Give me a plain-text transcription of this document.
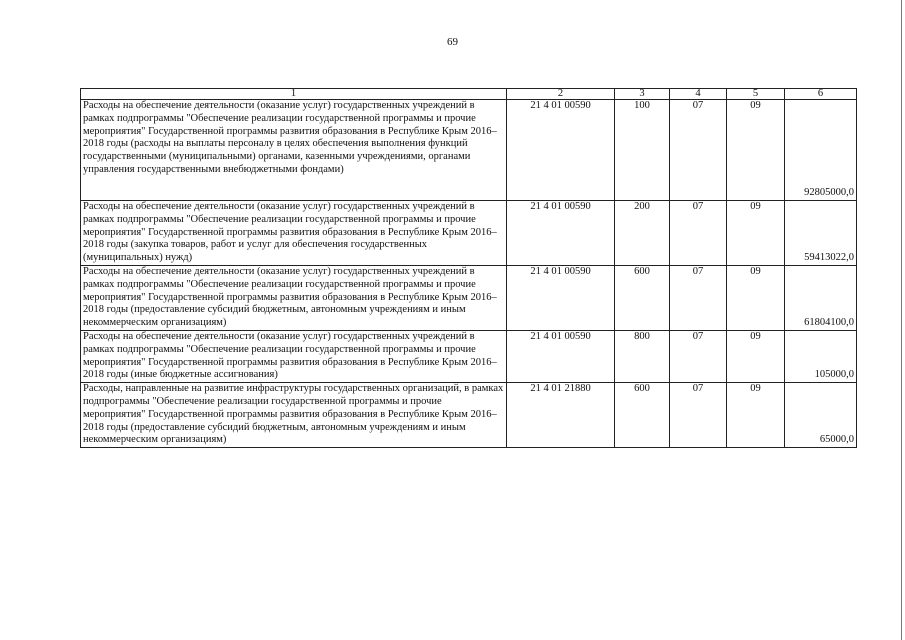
69
1	2	3	4	5	6
Расходы на обеспечение деятельности (оказание услуг) государственных учреждений в рамках подпрограммы "Обеспечение реализации государственной программы и прочие мероприятия" Государственной программы развития образования в Республике Крым 2016–2018 годы (расходы на выплаты персоналу в целях обеспечения выполнения функций государственными (муниципальными) органами, казенными учреждениями, органами управления государственными внебюджетными фондами)	21 4 01 00590	100	07	09	92805000,0
Расходы на обеспечение деятельности (оказание услуг) государственных учреждений в рамках подпрограммы "Обеспечение реализации государственной программы и прочие мероприятия" Государственной программы развития образования в Республике Крым 2016–2018 годы (закупка товаров, работ и услуг для обеспечения государственных (муниципальных) нужд)	21 4 01 00590	200	07	09	59413022,0
Расходы на обеспечение деятельности (оказание услуг) государственных учреждений в рамках подпрограммы "Обеспечение реализации государственной программы и прочие мероприятия" Государственной программы развития образования в Республике Крым 2016–2018 годы (предоставление субсидий бюджетным, автономным учреждениям и иным некоммерческим организациям)	21 4 01 00590	600	07	09	61804100,0
Расходы на обеспечение деятельности (оказание услуг) государственных учреждений в рамках подпрограммы "Обеспечение реализации государственной программы и прочие мероприятия" Государственной программы развития образования в Республике Крым 2016–2018 годы (иные бюджетные ассигнования)	21 4 01 00590	800	07	09	105000,0
Расходы, направленные на развитие инфраструктуры государственных организаций, в рамках подпрограммы "Обеспечение реализации государственной программы и прочие мероприятия" Государственной программы развития образования в Республике Крым 2016–2018 годы (предоставление субсидий бюджетным, автономным учреждениям и иным некоммерческим организациям)	21 4 01 21880	600	07	09	65000,0
